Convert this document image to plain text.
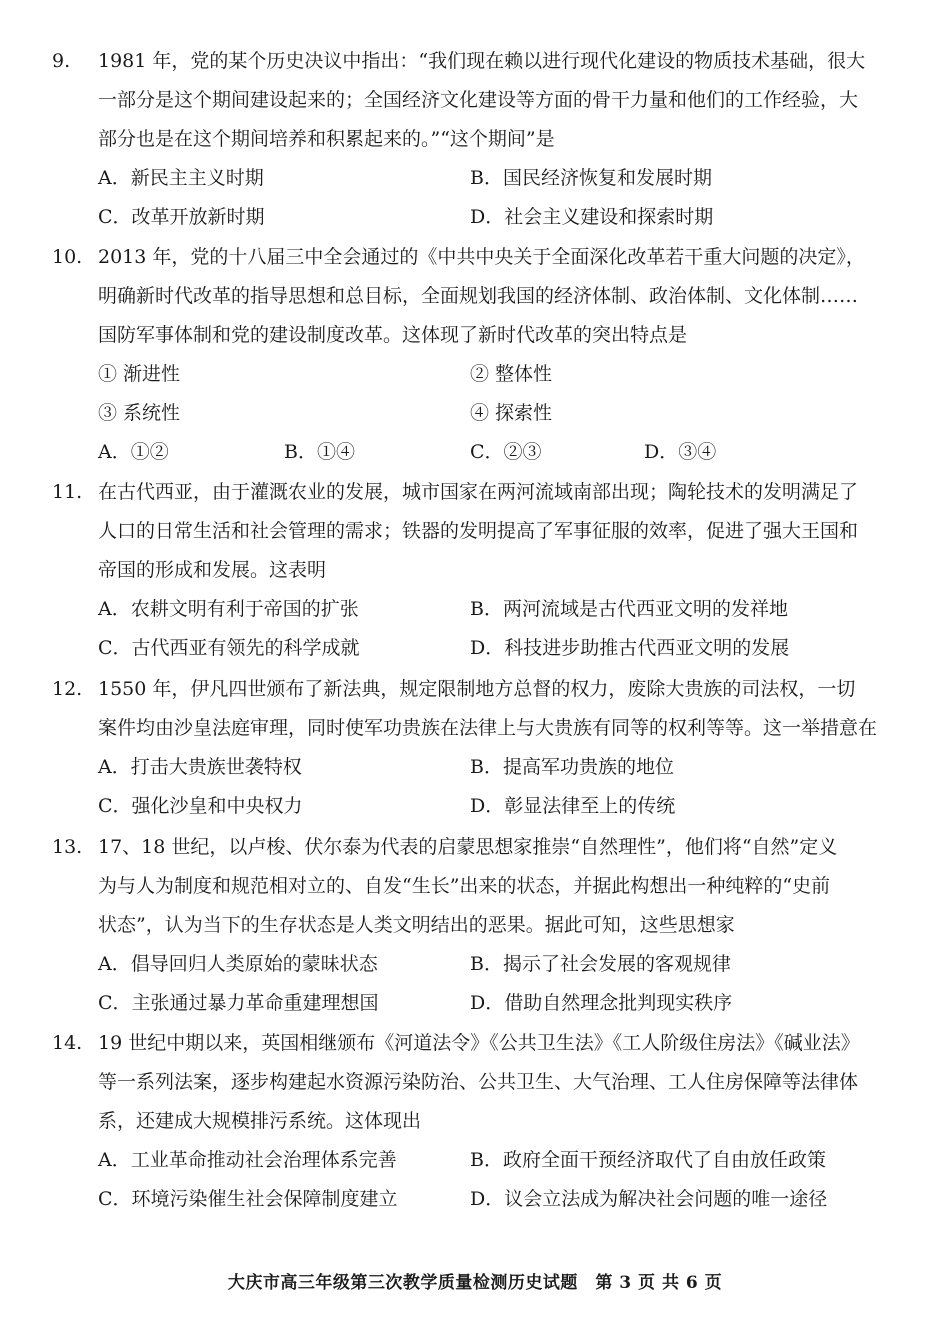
9. 1981 年，党的某个历史决议中指出：“我们现在赖以进行现代化建设的物质技术基础，很大
一部分是这个期间建设起来的；全国经济文化建设等方面的骨干力量和他们的工作经验，大
部分也是在这个期间培养和积累起来的。”“这个期间”是
A．新民主主义时期	B．国民经济恢复和发展时期
C．改革开放新时期	D．社会主义建设和探索时期
10. 2013 年，党的十八届三中全会通过的《中共中央关于全面深化改革若干重大问题的决定》，
明确新时代改革的指导思想和总目标，全面规划我国的经济体制、政治体制、文化体制……
国防军事体制和党的建设制度改革。这体现了新时代改革的突出特点是
① 渐进性	② 整体性
③ 系统性	④ 探索性
A．①②	B．①④	C．②③	D．③④
11. 在古代西亚，由于灌溉农业的发展，城市国家在两河流域南部出现；陶轮技术的发明满足了
人口的日常生活和社会管理的需求；铁器的发明提高了军事征服的效率，促进了强大王国和
帝国的形成和发展。这表明
A．农耕文明有利于帝国的扩张	B．两河流域是古代西亚文明的发祥地
C．古代西亚有领先的科学成就	D．科技进步助推古代西亚文明的发展
12. 1550 年，伊凡四世颁布了新法典，规定限制地方总督的权力，废除大贵族的司法权，一切
案件均由沙皇法庭审理，同时使军功贵族在法律上与大贵族有同等的权利等等。这一举措意在
A．打击大贵族世袭特权	B．提高军功贵族的地位
C．强化沙皇和中央权力	D．彰显法律至上的传统
13. 17、18 世纪，以卢梭、伏尔泰为代表的启蒙思想家推崇“自然理性”，他们将“自然”定义
为与人为制度和规范相对立的、自发“生长”出来的状态，并据此构想出一种纯粹的“史前
状态”，认为当下的生存状态是人类文明结出的恶果。据此可知，这些思想家
A．倡导回归人类原始的蒙昧状态	B．揭示了社会发展的客观规律
C．主张通过暴力革命重建理想国	D．借助自然理念批判现实秩序
14. 19 世纪中期以来，英国相继颁布《河道法令》《公共卫生法》《工人阶级住房法》《碱业法》
等一系列法案，逐步构建起水资源污染防治、公共卫生、大气治理、工人住房保障等法律体
系，还建成大规模排污系统。这体现出
A．工业革命推动社会治理体系完善	B．政府全面干预经济取代了自由放任政策
C．环境污染催生社会保障制度建立	D．议会立法成为解决社会问题的唯一途径
大庆市高三年级第三次教学质量检测历史试题　第 3 页 共 6 页
